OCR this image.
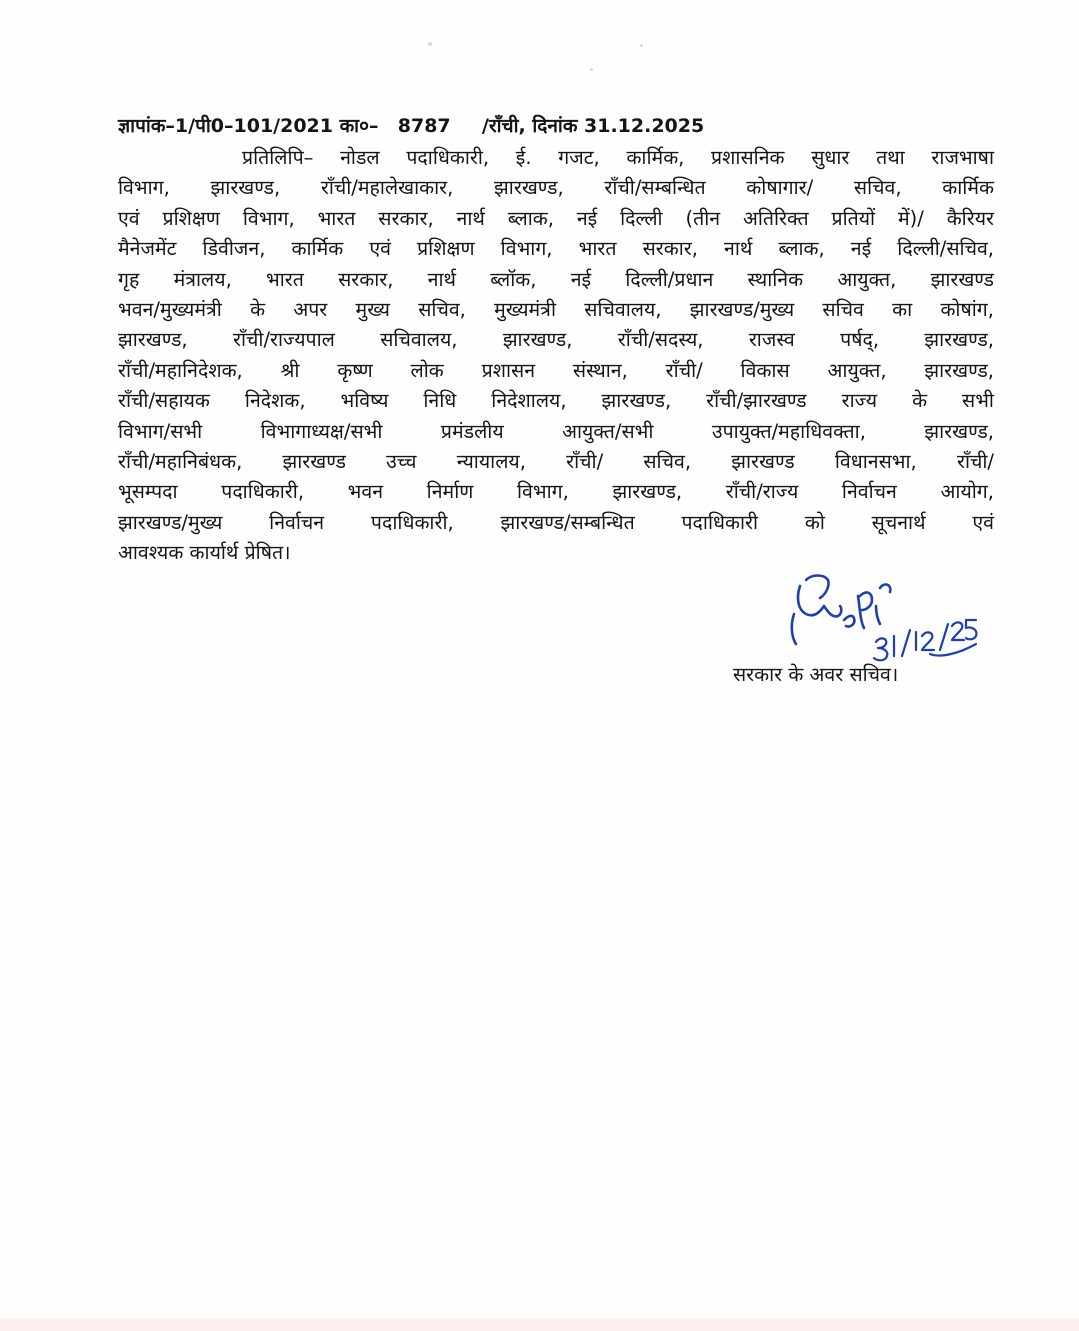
ज्ञापांक–1/पी0–101/2021 का०– 8787 /राँची, दिनांक 31.12.2025
प्रतिलिपि– नोडल पदाधिकारी, ई. गजट, कार्मिक, प्रशासनिक सुधार तथा राजभाषा
विभाग, झारखण्ड, राँची/महालेखाकार, झारखण्ड, राँची/सम्बन्धित कोषागार/ सचिव, कार्मिक
एवं प्रशिक्षण विभाग, भारत सरकार, नार्थ ब्लाक, नई दिल्ली (तीन अतिरिक्त प्रतियों में)/ कैरियर
मैनेजमेंट डिवीजन, कार्मिक एवं प्रशिक्षण विभाग, भारत सरकार, नार्थ ब्लाक, नई दिल्ली/सचिव,
गृह मंत्रालय, भारत सरकार, नार्थ ब्लॉक, नई दिल्ली/प्रधान स्थानिक आयुक्त, झारखण्ड
भवन/मुख्यमंत्री के अपर मुख्य सचिव, मुख्यमंत्री सचिवालय, झारखण्ड/मुख्य सचिव का कोषांग,
झारखण्ड, राँची/राज्यपाल सचिवालय, झारखण्ड, राँची/सदस्य, राजस्व पर्षद्, झारखण्ड,
राँची/महानिदेशक, श्री कृष्ण लोक प्रशासन संस्थान, राँची/ विकास आयुक्त, झारखण्ड,
राँची/सहायक निदेशक, भविष्य निधि निदेशालय, झारखण्ड, राँची/झारखण्ड राज्य के सभी
विभाग/सभी विभागाध्यक्ष/सभी प्रमंडलीय आयुक्त/सभी उपायुक्त/महाधिवक्ता, झारखण्ड,
राँची/महानिबंधक, झारखण्ड उच्च न्यायालय, राँची/ सचिव, झारखण्ड विधानसभा, राँची/
भूसम्पदा पदाधिकारी, भवन निर्माण विभाग, झारखण्ड, राँची/राज्य निर्वाचन आयोग,
झारखण्ड/मुख्य निर्वाचन पदाधिकारी, झारखण्ड/सम्बन्धित पदाधिकारी को सूचनार्थ एवं
आवश्यक कार्यार्थ प्रेषित।
सरकार के अवर सचिव।
